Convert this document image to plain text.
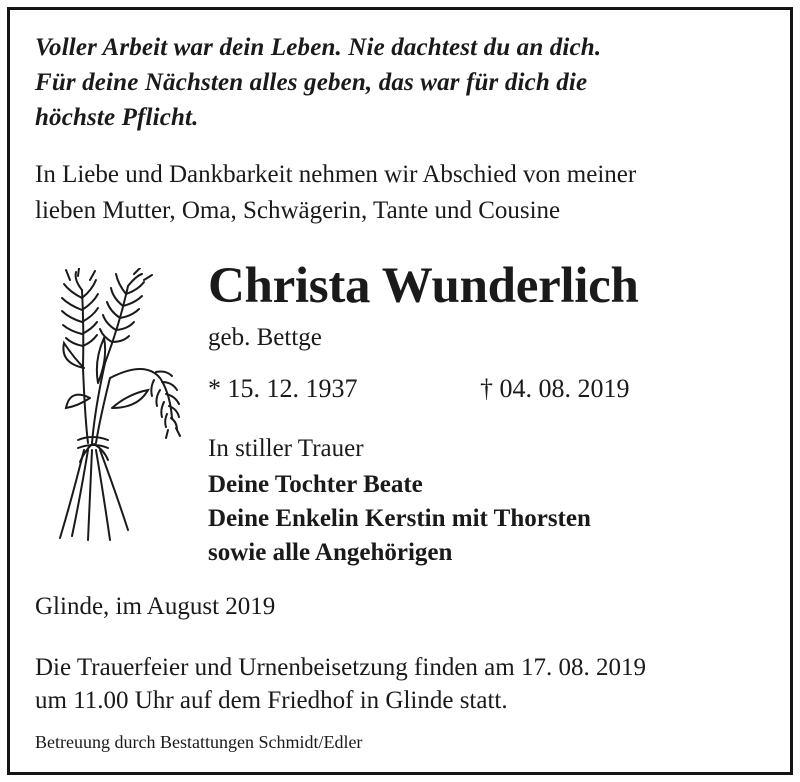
Voller Arbeit war dein Leben. Nie dachtest du an dich.
Für deine Nächsten alles geben, das war für dich die
höchste Pflicht.
In Liebe und Dankbarkeit nehmen wir Abschied von meiner
lieben Mutter, Oma, Schwägerin, Tante und Cousine
Christa Wunderlich
geb. Bettge
* 15. 12. 1937	† 04. 08. 2019
In stiller Trauer
Deine Tochter Beate
Deine Enkelin Kerstin mit Thorsten
sowie alle Angehörigen
Glinde, im August 2019
Die Trauerfeier und Urnenbeisetzung finden am 17. 08. 2019
um 11.00 Uhr auf dem Friedhof in Glinde statt.
Betreuung durch Bestattungen Schmidt/Edler
